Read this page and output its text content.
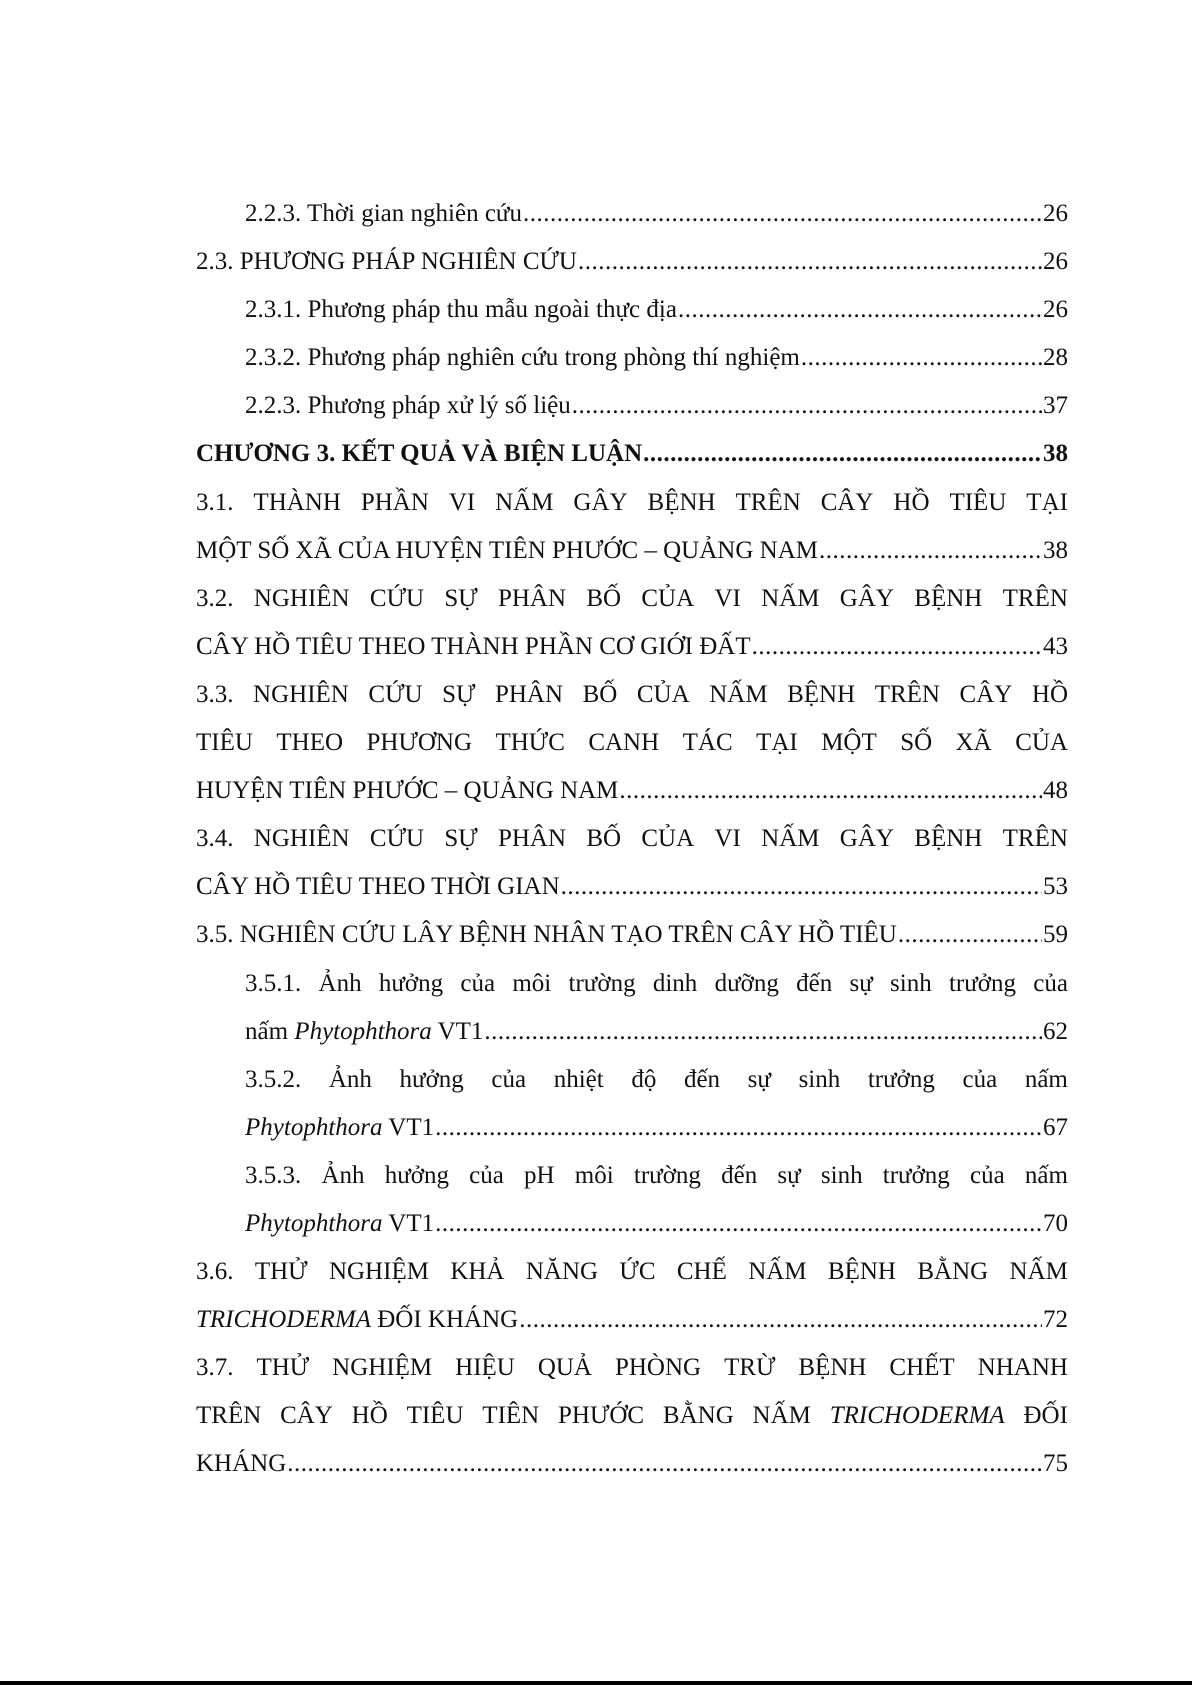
2.2.3. Thời gian nghiên cứu .....	26
2.3. PHƯƠNG PHÁP NGHIÊN CỨU .....	26
2.3.1. Phương pháp thu mẫu ngoài thực địa .....	26
2.3.2. Phương pháp nghiên cứu trong phòng thí nghiệm .....	28
2.2.3. Phương pháp xử lý số liệu .....	37
CHƯƠNG 3. KẾT QUẢ VÀ BIỆN LUẬN .....	38
3.1. THÀNH PHẦN VI NẤM GÂY BỆNH TRÊN CÂY HỒ TIÊU TẠI
MỘT SỐ XÃ CỦA HUYỆN TIÊN PHƯỚC – QUẢNG NAM .....	38
3.2. NGHIÊN CỨU SỰ PHÂN BỐ CỦA VI NẤM GÂY BỆNH TRÊN
CÂY HỒ TIÊU THEO THÀNH PHẦN CƠ GIỚI ĐẤT .....	43
3.3. NGHIÊN CỨU SỰ PHÂN BỐ CỦA NẤM BỆNH TRÊN CÂY HỒ
TIÊU THEO PHƯƠNG THỨC CANH TÁC TẠI MỘT SỐ XÃ CỦA
HUYỆN TIÊN PHƯỚC – QUẢNG NAM .....	48
3.4. NGHIÊN CỨU SỰ PHÂN BỐ CỦA VI NẤM GÂY BỆNH TRÊN
CÂY HỒ TIÊU THEO THỜI GIAN .....	53
3.5. NGHIÊN CỨU LÂY BỆNH NHÂN TẠO TRÊN CÂY HỒ TIÊU .....	59
3.5.1. Ảnh hưởng của môi trường dinh dưỡng đến sự sinh trưởng của
nấm Phytophthora VT1 .....	62
3.5.2. Ảnh hưởng của nhiệt độ đến sự sinh trưởng của nấm
Phytophthora VT1 .....	67
3.5.3. Ảnh hưởng của pH môi trường đến sự sinh trưởng của nấm
Phytophthora VT1 .....	70
3.6. THỬ NGHIỆM KHẢ NĂNG ỨC CHẾ NẤM BỆNH BẰNG NẤM
TRICHODERMA ĐỐI KHÁNG .....	72
3.7. THỬ NGHIỆM HIỆU QUẢ PHÒNG TRỪ BỆNH CHẾT NHANH
TRÊN CÂY HỒ TIÊU TIÊN PHƯỚC BẰNG NẤM TRICHODERMA ĐỐI
KHÁNG .....	75
